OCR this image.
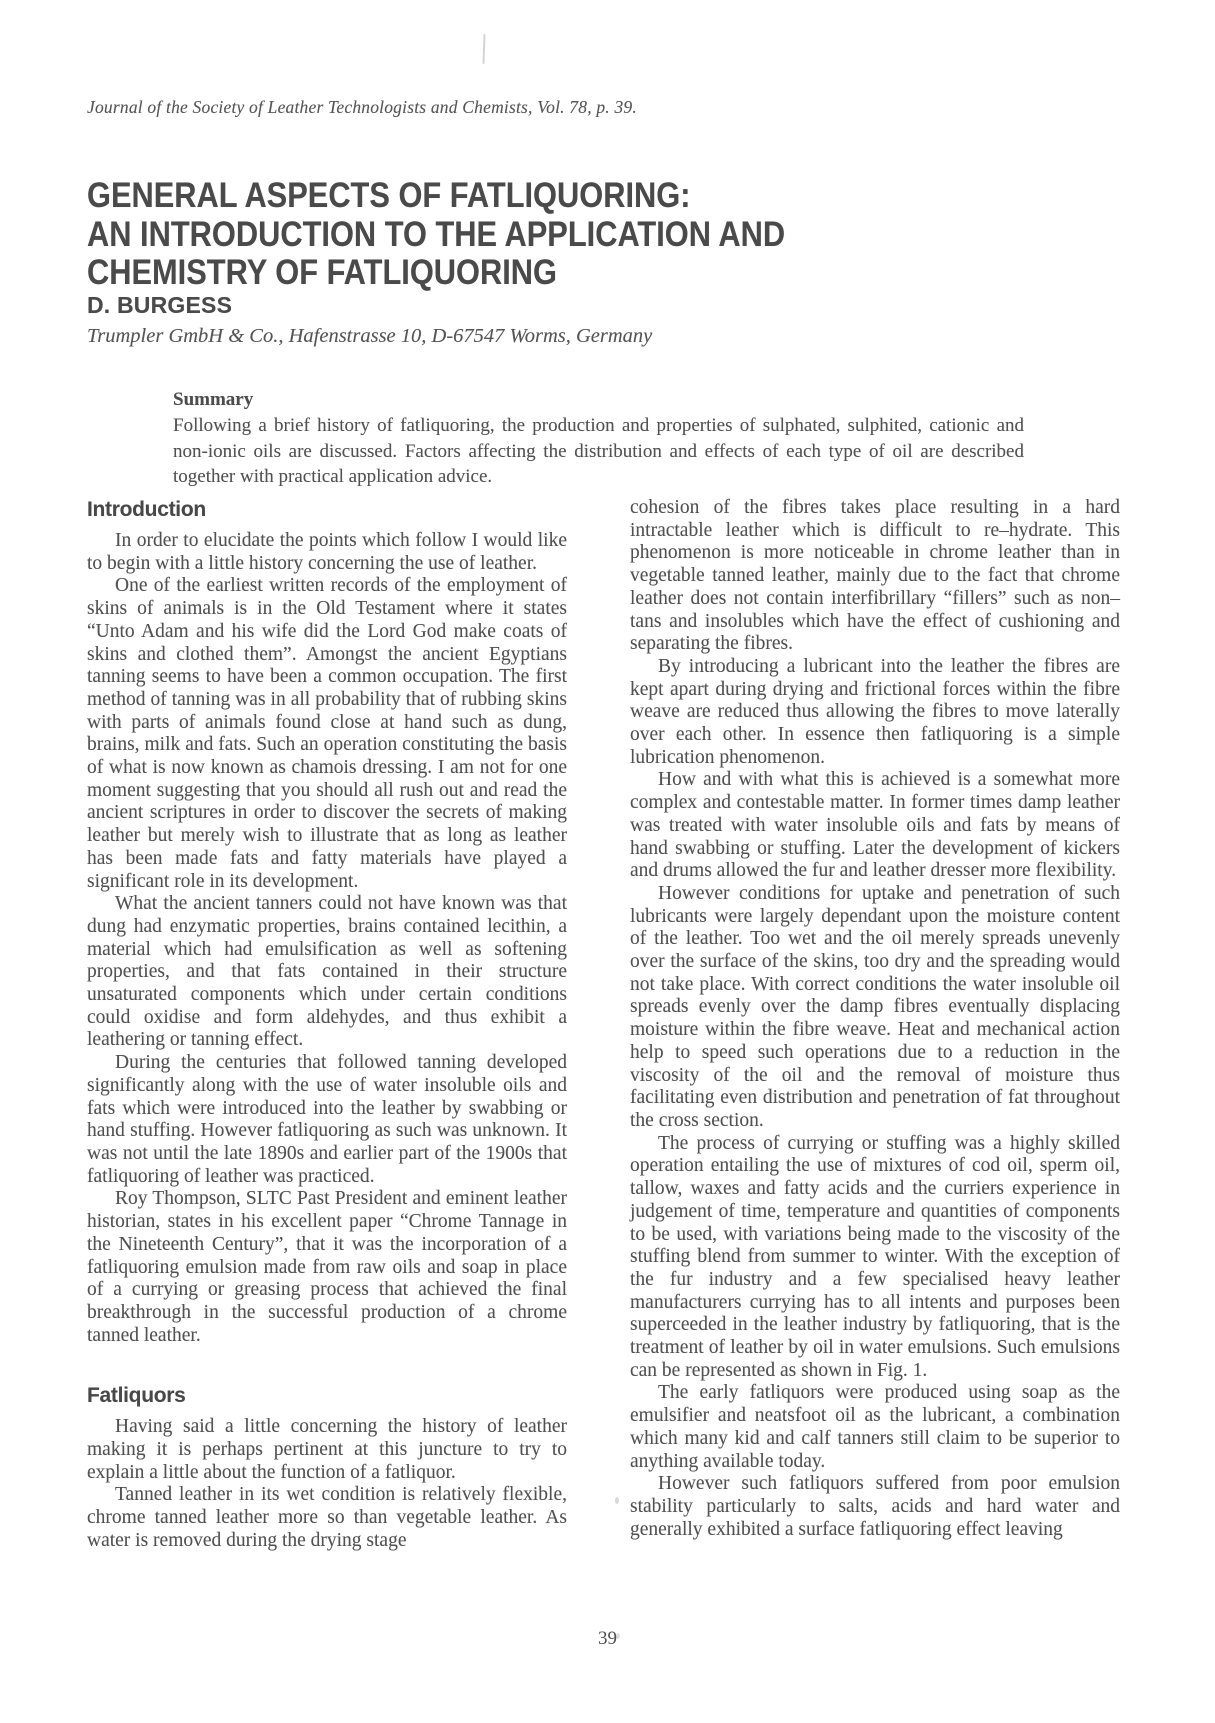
Journal of the Society of Leather Technologists and Chemists, Vol. 78, p. 39.
GENERAL ASPECTS OF FATLIQUORING:
AN INTRODUCTION TO THE APPLICATION AND
CHEMISTRY OF FATLIQUORING
D. BURGESS
Trumpler GmbH & Co., Hafenstrasse 10, D-67547 Worms, Germany
Summary
Following a brief history of fatliquoring, the production and properties of sulphated, sulphited, cationic and non-ionic oils are discussed. Factors affecting the distribution and effects of each type of oil are described together with practical application advice.
Introduction

In order to elucidate the points which follow I would like to begin with a little history concerning the use of leather.

One of the earliest written records of the employment of skins of animals is in the Old Testament where it states “Unto Adam and his wife did the Lord God make coats of skins and clothed them”. Amongst the ancient Egyptians tanning seems to have been a common occupation. The first method of tanning was in all probability that of rubbing skins with parts of animals found close at hand such as dung, brains, milk and fats. Such an operation constituting the basis of what is now known as chamois dressing. I am not for one moment suggesting that you should all rush out and read the ancient scriptures in order to discover the secrets of making leather but merely wish to illustrate that as long as leather has been made fats and fatty materials have played a significant role in its development.

What the ancient tanners could not have known was that dung had enzymatic properties, brains contained lecithin, a material which had emulsification as well as softening properties, and that fats contained in their structure unsaturated components which under certain conditions could oxidise and form aldehydes, and thus exhibit a leathering or tanning effect.

During the centuries that followed tanning developed significantly along with the use of water insoluble oils and fats which were introduced into the leather by swabbing or hand stuffing. However fatliquoring as such was unknown. It was not until the late 1890s and earlier part of the 1900s that fatliquoring of leather was practiced.

Roy Thompson, SLTC Past President and eminent leather historian, states in his excellent paper “Chrome Tannage in the Nineteenth Century”, that it was the incorporation of a fatliquoring emulsion made from raw oils and soap in place of a currying or greasing process that achieved the final breakthrough in the successful production of a chrome tanned leather.

Fatliquors

Having said a little concerning the history of leather making it is perhaps pertinent at this juncture to try to explain a little about the function of a fatliquor.

Tanned leather in its wet condition is relatively flexible, chrome tanned leather more so than vegetable leather. As water is removed during the drying stage

cohesion of the fibres takes place resulting in a hard intractable leather which is difficult to re–hydrate. This phenomenon is more noticeable in chrome leather than in vegetable tanned leather, mainly due to the fact that chrome leather does not contain interfibrillary “fillers” such as non–tans and insolubles which have the effect of cushioning and separating the fibres.

By introducing a lubricant into the leather the fibres are kept apart during drying and frictional forces within the fibre weave are reduced thus allowing the fibres to move laterally over each other. In essence then fatliquoring is a simple lubrication phenomenon.

How and with what this is achieved is a somewhat more complex and contestable matter. In former times damp leather was treated with water insoluble oils and fats by means of hand swabbing or stuffing. Later the development of kickers and drums allowed the fur and leather dresser more flexibility.

However conditions for uptake and penetration of such lubricants were largely dependant upon the moisture content of the leather. Too wet and the oil merely spreads unevenly over the surface of the skins, too dry and the spreading would not take place. With correct conditions the water insoluble oil spreads evenly over the damp fibres eventually displacing moisture within the fibre weave. Heat and mechanical action help to speed such operations due to a reduction in the viscosity of the oil and the removal of moisture thus facilitating even distribution and penetration of fat throughout the cross section.

The process of currying or stuffing was a highly skilled operation entailing the use of mixtures of cod oil, sperm oil, tallow, waxes and fatty acids and the curriers experience in judgement of time, temperature and quantities of components to be used, with variations being made to the viscosity of the stuffing blend from summer to winter. With the exception of the fur industry and a few specialised heavy leather manufacturers currying has to all intents and purposes been superceeded in the leather industry by fatliquoring, that is the treatment of leather by oil in water emulsions. Such emulsions can be represented as shown in Fig. 1.

The early fatliquors were produced using soap as the emulsifier and neatsfoot oil as the lubricant, a combination which many kid and calf tanners still claim to be superior to anything available today.

However such fatliquors suffered from poor emulsion stability particularly to salts, acids and hard water and generally exhibited a surface fatliquoring effect leaving

39
